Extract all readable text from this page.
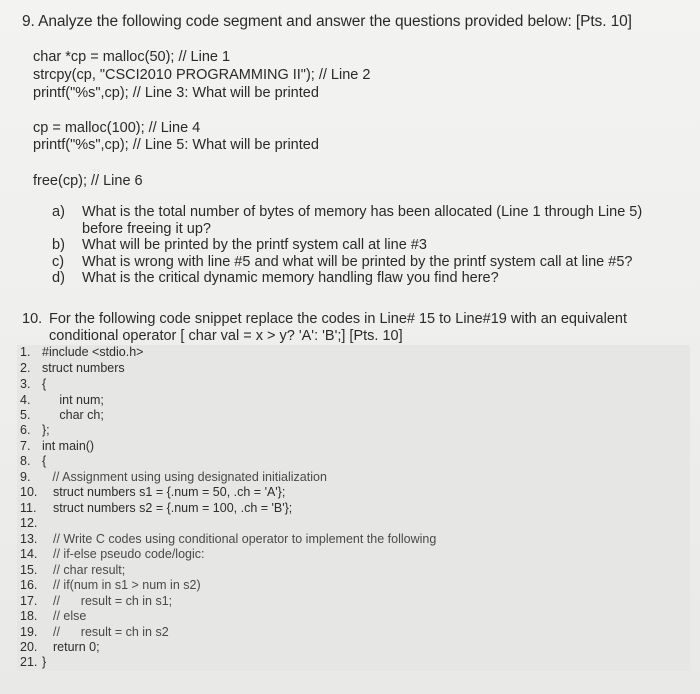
9. Analyze the following code segment and answer the questions provided below: [Pts. 10]
char *cp = malloc(50); // Line 1
strcpy(cp, "CSCI2010 PROGRAMMING II"); // Line 2
printf("%s",cp); // Line 3: What will be printed
cp = malloc(100); // Line 4
printf("%s",cp); // Line 5: What will be printed
free(cp); // Line 6
a)	What is the total number of bytes of memory has been allocated (Line 1 through Line 5) before freeing it up?
b)	What will be printed by the printf system call at line #3
c)	What is wrong with line #5 and what will be printed by the printf system call at line #5?
d)	What is the critical dynamic memory handling flaw you find here?
10. For the following code snippet replace the codes in Line# 15 to Line#19 with an equivalent
conditional operator [ char val = x > y? 'A': 'B';] [Pts. 10]
1. #include <stdio.h>
2. struct numbers
3. {
4.     int num;
5.     char ch;
6. };
7. int main()
8. {
9.   // Assignment using using designated initialization
10. struct numbers s1 = {.num = 50, .ch = 'A'};
11. struct numbers s2 = {.num = 100, .ch = 'B'};
12.
13. // Write C codes using conditional operator to implement the following
14. // if-else pseudo code/logic:
15. // char result;
16. // if(num in s1 > num in s2)
17. //      result = ch in s1;
18. // else
19. //      result = ch in s2
20. return 0;
21. }
